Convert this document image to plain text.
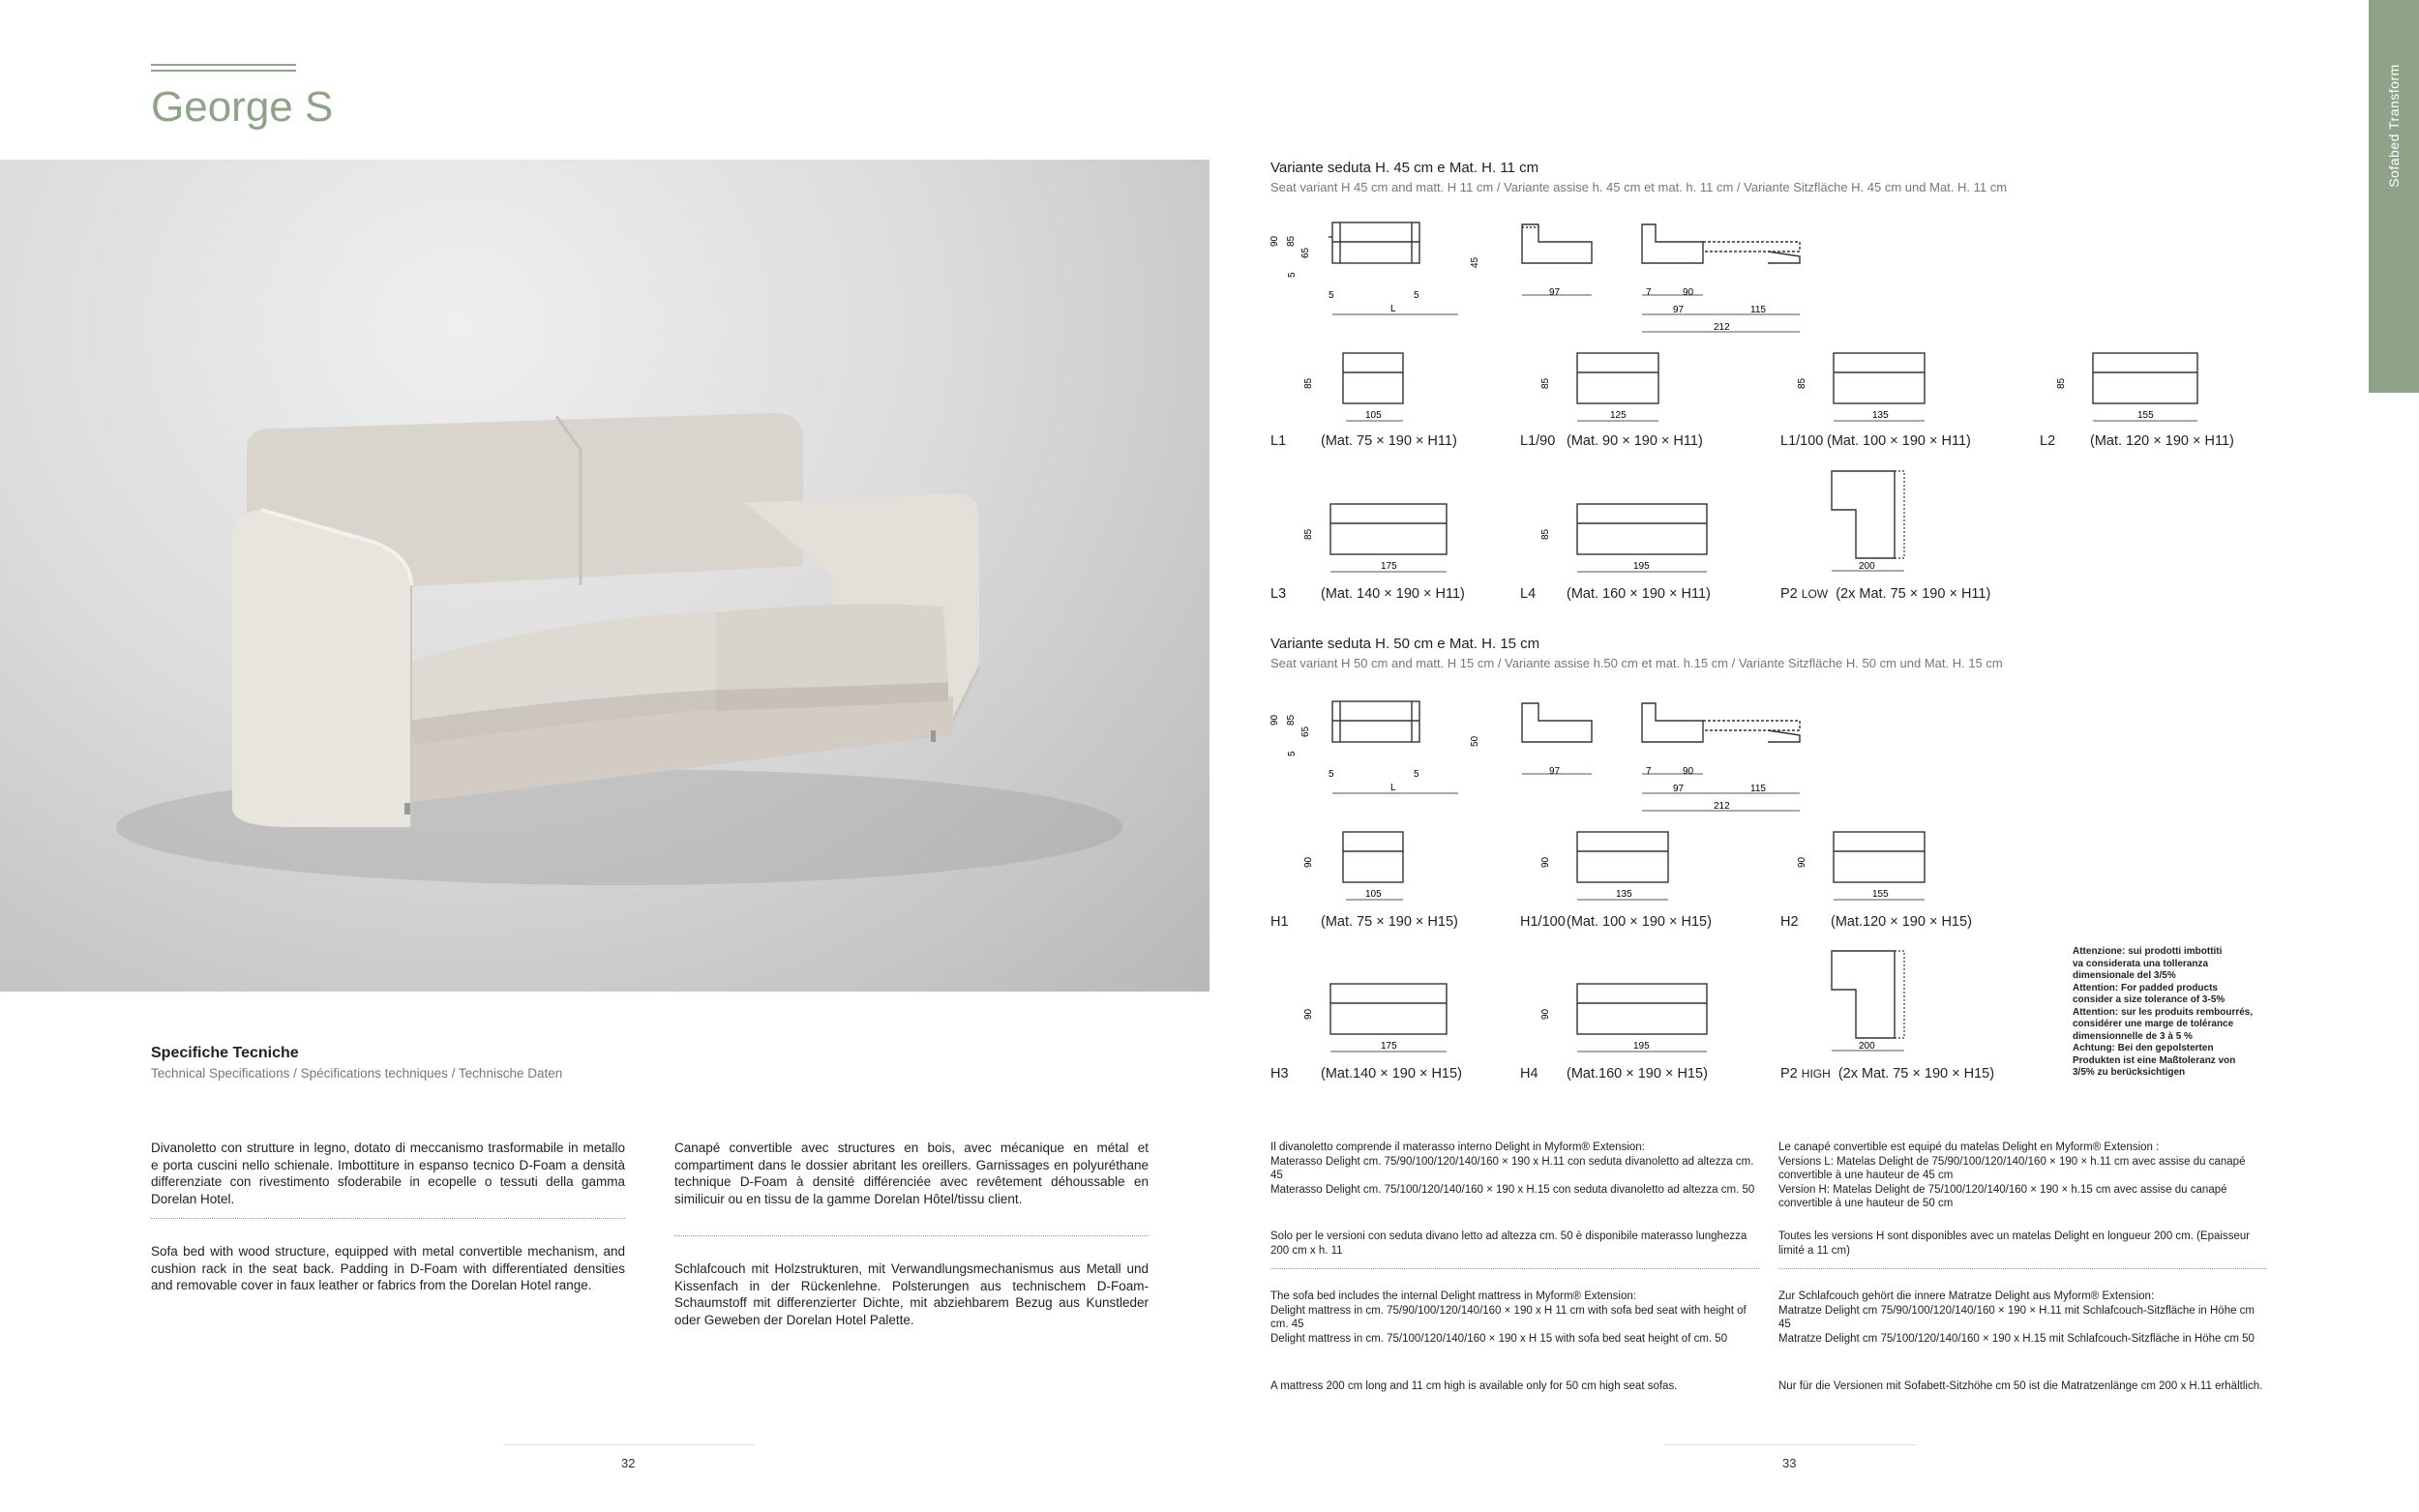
George S
Specifiche Tecniche
Technical Specifications / Spécifications techniques / Technische Daten
Divanoletto con strutture in legno, dotato di meccanismo trasformabile in metallo e porta cuscini nello schienale. Imbottiture in espanso tecnico D-Foam a densità differenziate con rivestimento sfoderabile in ecopelle o tessuti della gamma Dorelan Hotel.
Sofa bed with wood structure, equipped with metal convertible mechanism, and cushion rack in the seat back. Padding in D-Foam with differentiated densities and removable cover in faux leather or fabrics from the Dorelan Hotel range.
Canapé convertible avec structures en bois, avec mécanique en métal et compartiment dans le dossier abritant les oreillers. Garnissages en polyuréthane technique D-Foam à densité différenciée avec revêtement déhoussable en similicuir ou en tissu de la gamme Dorelan Hôtel/tissu client.
Schlafcouch mit Holzstrukturen, mit Verwandlungsmechanismus aus Metall und Kissenfach in der Rückenlehne. Polsterungen aus technischem D-Foam-Schaumstoff mit differenzierter Dichte, mit abziehbarem Bezug aus Kunstleder oder Geweben der Dorelan Hotel Palette.
32
Sofabed Transform
Variante seduta H. 45 cm e Mat. H. 11 cm
Seat variant H 45 cm and matt. H 11 cm / Variante assise h. 45 cm et mat. h. 11 cm / Variante Sitzfläche H. 45 cm und Mat. H. 11 cm
90 85
65
5
45
5	5
L
97	7	90
97	115
212
85
105
85
125
85
135
85
155
L1 (Mat. 75 × 190 × H11)	L1/90 (Mat. 90 × 190 × H11)	L1/100 (Mat. 100 × 190 × H11)	L2 (Mat. 120 × 190 × H11)
85
175
85
195	200
L3 (Mat. 140 × 190 × H11)	L4 (Mat. 160 × 190 × H11)	P2 LOW (2x Mat. 75 × 190 × H11)
Variante seduta H. 50 cm e Mat. H. 15 cm
Seat variant H 50 cm and matt. H 15 cm / Variante assise h.50 cm et mat. h.15 cm / Variante Sitzfläche H. 50 cm und Mat. H. 15 cm
90 85
65
5
50
5	5
L
97	7	90
97	115
212
90
105
90
135
90
155
H1 (Mat. 75 × 190 × H15)	H1/100(Mat. 100 × 190 × H15)	H2 (Mat.120 × 190 × H15)
90
175
90
195	200
H3 (Mat.140 × 190 × H15)	H4 (Mat.160 × 190 × H15)	P2 HIGH (2x Mat. 75 × 190 × H15)
Attenzione: sui prodotti imbottiti
va considerata una tolleranza
dimensionale del 3/5%
Attention: For padded products
consider a size tolerance of 3-5%
Attention: sur les produits rembourrés,
considérer une marge de tolérance
dimensionnelle de 3 à 5 %
Achtung: Bei den gepolsterten
Produkten ist eine Maßtoleranz von
3/5% zu berücksichtigen
Il divanoletto comprende il materasso interno Delight in Myform® Extension:
Materasso Delight cm. 75/90/100/120/140/160 × 190 x H.11 con seduta divanoletto ad altezza cm. 45
Materasso Delight cm. 75/100/120/140/160 × 190 x H.15 con seduta divanoletto ad altezza cm. 50
Solo per le versioni con seduta divano letto ad altezza cm. 50 è disponibile materasso lunghezza 200 cm x h. 11
The sofa bed includes the internal Delight mattress in Myform® Extension:
Delight mattress in cm. 75/90/100/120/140/160 × 190 x H 11 cm with sofa bed seat with height of cm. 45
Delight mattress in cm. 75/100/120/140/160 × 190 x H 15 with sofa bed seat height of cm. 50
A mattress 200 cm long and 11 cm high is available only for 50 cm high seat sofas.
Le canapé convertible est equipé du matelas Delight en Myform® Extension :
Versions L: Matelas Delight de 75/90/100/120/140/160 × 190 × h.11 cm avec assise du canapé convertible à une hauteur de 45 cm
Version H: Matelas Delight de 75/100/120/140/160 × 190 × h.15 cm avec assise du canapé convertible à une hauteur de 50 cm
Toutes les versions H sont disponibles avec un matelas Delight en longueur 200 cm. (Epaisseur limité a 11 cm)
Zur Schlafcouch gehört die innere Matratze Delight aus Myform® Extension:
Matratze Delight cm 75/90/100/120/140/160 × 190 × H.11 mit Schlafcouch-Sitzfläche in Höhe cm 45
Matratze Delight cm 75/100/120/140/160 × 190 x H.15 mit Schlafcouch-Sitzfläche in Höhe cm 50
Nur für die Versionen mit Sofabett-Sitzhöhe cm 50 ist die Matratzenlänge cm 200 x H.11 erhältlich.
33
